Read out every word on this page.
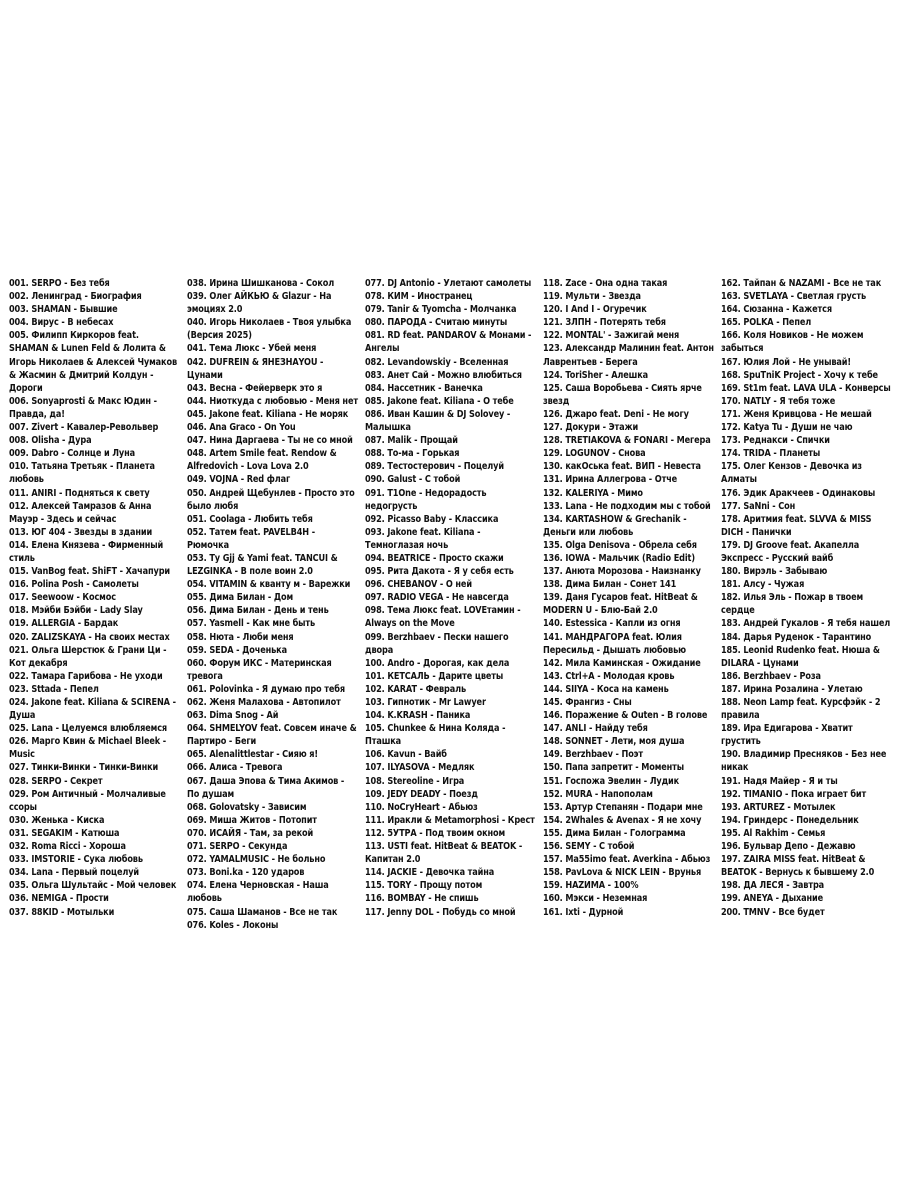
001. SERPO - Без тебя
002. Ленинград - Биография
003. SHAMAN - Бывшие
004. Вирус - В небесах
005. Филипп Киркоров feat. SHAMAN & Lunen Feld & Лолита & Игорь Николаев & Алексей Чумаков & Жасмин & Дмитрий Колдун - Дороги
006. Sonyaprosti & Макс Юдин - Правда, да!
007. Zivert - Кавалер-Револьвер
008. Olisha - Дура
009. Dabro - Солнце и Луна
010. Татьяна Третьяк - Планета любовь
011. ANIRI - Подняться к свету
012. Алексей Тамразов & Анна Мауэр - Здесь и сейчас
013. ЮГ 404 - Звезды в здании
014. Елена Князева - Фирменный стиль
015. VanBog feat. ShiFT - Хачапури
016. Polina Posh - Самолеты
017. Seewoow - Космос
018. Мэйби Бэйби - Lady Slay
019. ALLERGIA - Бардак
020. ZALIZSKAYA - На своих местах
021. Ольга Шерстюк & Грани Ци - Кот декабря
022. Тамара Гарибова - Не уходи
023. Sttada - Пепел
024. Jakone feat. Kiliana & SCIRENA - Душа
025. Lana - Целуемся влюбляемся
026. Марго Квин & Michael Bleek - Music
027. Тинки-Винки - Тинки-Винки
028. SERPO - Секрет
029. Ром Античный - Молчаливые ссоры
030. Женька - Киска
031. SEGAKIM - Катюша
032. Roma Ricci - Хороша
033. IMSTORIE - Сука любовь
034. Lana - Первый поцелуй
035. Ольга Шультайс - Мой человек
036. NEMIGA - Прости
037. 88KID - Мотыльки
038. Ирина Шишканова - Сокол
039. Олег АЙКЬЮ & Glazur - На эмоциях 2.0
040. Игорь Николаев - Твоя улыбка (Версия 2025)
041. Тема Люкс - Убей меня
042. DUFREIN & ЯНЕЗНАYOU - Цунами
043. Весна - Фейерверк это я
044. Ниоткуда с любовью - Меня нет
045. Jakone feat. Kiliana - Не моряк
046. Ana Graco - On You
047. Нина Даргаева - Ты не со мной
048. Artem Smile feat. Rendow & Alfredovich - Lova Lova 2.0
049. VOJNA - Red флаг
050. Андрей Щебунлев - Просто это было любя
051. Coolaga - Любить тебя
052. Татем feat. PAVELB4H - Рюмочка
053. Ту Gjj & Yami feat. TANCUI & LEZGINKA - В поле воин 2.0
054. VITAMIN & кванту м - Варежки
055. Дима Билан - Дом
056. Дима Билан - День и тень
057. Yasmell - Как мне быть
058. Нюта - Люби меня
059. SEDA - Доченька
060. Форум ИКС - Материнская тревога
061. Polovinka - Я думаю про тебя
062. Женя Малахова - Автопилот
063. Dima Snog - Ай
064. SHMELYOV feat. Совсем иначе & Партиро - Беги
065. Alenalittlestar - Сияю я!
066. Алиса - Тревога
067. Даша Эпова & Тима Акимов - По душам
068. Golovatsky - Зависим
069. Миша Житов - Потопит
070. ИСАЙЯ - Там, за рекой
071. SERPO - Секунда
072. YAMALMUSIC - Не больно
073. Boni.ka - 120 ударов
074. Елена Черновская - Наша любовь
075. Саша Шаманов - Все не так
076. Koles - Локоны
077. DJ Antonio - Улетают самолеты
078. КИМ - Иностранец
079. Tanir & Tyomcha - Молчанка
080. ПАРОДА - Считаю минуты
081. RD feat. PANDAROV & Монами - Ангелы
082. Levandowskiy - Вселенная
083. Анет Сай - Можно влюбиться
084. Нассетник - Ванечка
085. Jakone feat. Kiliana - О тебе
086. Иван Кашин & DJ Solovey - Малышка
087. Malik - Прощай
088. То-ма - Горькая
089. Тестостерович - Поцелуй
090. Galust - С тобой
091. T1One - Недорадость недогрусть
092. Picasso Baby - Классика
093. Jakone feat. Kiliana - Темноглазая ночь
094. BEATRICE - Просто скажи
095. Рита Дакота - Я у себя есть
096. CHEBANOV - О ней
097. RADIO VEGA - Не навсегда
098. Тема Люкс feat. LOVEтамин - Always on the Move
099. Berzhbaev - Пески нашего двора
100. Andro - Дорогая, как дела
101. КЕТСАЛЬ - Дарите цветы
102. KARAT - Февраль
103. Гипнотик - Mr Lawyer
104. K.KRASH - Паника
105. Chunkee & Нина Коляда - Пташка
106. Kavun - Вайб
107. ILYASOVA - Медляк
108. Stereoline - Игра
109. JEDY DEADY - Поезд
110. NoCryHeart - Абьюз
111. Иракли & Metamorphosi - Крест
112. 5УТРА - Под твоим окном
113. USTI feat. HitBeat & BEATOK - Капитан 2.0
114. JACKIE - Девочка тайна
115. TORY - Прощу потом
116. BOMBAY - Не спишь
117. Jenny DOL - Побудь со мной
118. Zace - Она одна такая
119. Мульти - Звезда
120. I And I - Огуречик
121. ЗЛПН - Потерять тебя
122. MONTAL' - Зажигай меня
123. Александр Малинин feat. Антон Лаврентьев - Берега
124. ToriSher - Алешка
125. Саша Воробьева - Сиять ярче звезд
126. Джаро feat. Deni - Не могу
127. Докури - Этажи
128. TRETIAKOVA & FONARI - Мегера
129. LOGUNOV - Снова
130. какОська feat. ВИП - Невеста
131. Ирина Аллегрова - Отче
132. KALERIYA - Мимо
133. Lana - Не подходим мы с тобой
134. KARTASHOW & Grechanik - Деньги или любовь
135. Olga Denisova - Обрела себя
136. IOWA - Мальчик (Radio Edit)
137. Анюта Морозова - Наизнанку
138. Дима Билан - Сонет 141
139. Даня Гусаров feat. HitBeat & MODERN U - Блю-Бай 2.0
140. Estessica - Капли из огня
141. МАНДРАГОРА feat. Юлия Пересильд - Дышать любовью
142. Мила Каминская - Ожидание
143. Ctrl+A - Молодая кровь
144. SIIYA - Коса на камень
145. Франгиз - Сны
146. Поражение & Outen - В голове
147. ANLI - Найду тебя
148. SONNET - Лети, моя душа
149. Berzhbaev - Поэт
150. Папа запретит - Моменты
151. Госпожа Эвелин - Лудик
152. MURA - Напополам
153. Артур Степанян - Подари мне
154. 2Whales & Avenax - Я не хочу
155. Дима Билан - Голограмма
156. SEMY - С тобой
157. Ma55imo feat. Averkina - Абьюз
158. PavLova & NICK LEIN - Врунья
159. НАZИМА - 100%
160. Мэкси - Неземная
161. Ixti - Дурной
162. Тайпан & NAZAMI - Все не так
163. SVETLAYA - Светлая грусть
164. Сюзанна - Кажется
165. POLKA - Пепел
166. Коля Новиков - Не можем забыться
167. Юлия Лой - Не унывай!
168. SpuTniK Project - Хочу к тебе
169. St1m feat. LAVA ULA - Конверсы
170. NATLY - Я тебя тоже
171. Женя Кривцова - Не мешай
172. Katya Tu - Души не чаю
173. Реднакси - Спички
174. TRIDA - Планеты
175. Олег Кензов - Девочка из Алматы
176. Эдик Аракчеев - Одинаковы
177. SaNni - Сон
178. Аритмия feat. SLVVA & MISS DICH - Панички
179. DJ Groove feat. Акапелла Экспресс - Русский вайб
180. Вирэль - Забываю
181. Алсу - Чужая
182. Илья Эль - Пожар в твоем сердце
183. Андрей Гукалов - Я тебя нашел
184. Дарья Руденок - Тарантино
185. Leonid Rudenko feat. Нюша & DILARA - Цунами
186. Berzhbaev - Роза
187. Ирина Розалина - Улетаю
188. Neon Lamp feat. Курсфэйк - 2 правила
189. Ира Едигарова - Хватит грустить
190. Владимир Пресняков - Без нее никак
191. Надя Майер - Я и ты
192. TIMANIO - Пока играет бит
193. ARTUREZ - Мотылек
194. Гриндерс - Понедельник
195. Al Rakhim - Семья
196. Бульвар Депо - Дежавю
197. ZAIRA MISS feat. HitBeat & BEATOK - Вернусь к бывшему 2.0
198. ДА ЛЕСЯ - Завтра
199. ANEYA - Дыхание
200. TMNV - Все будет
